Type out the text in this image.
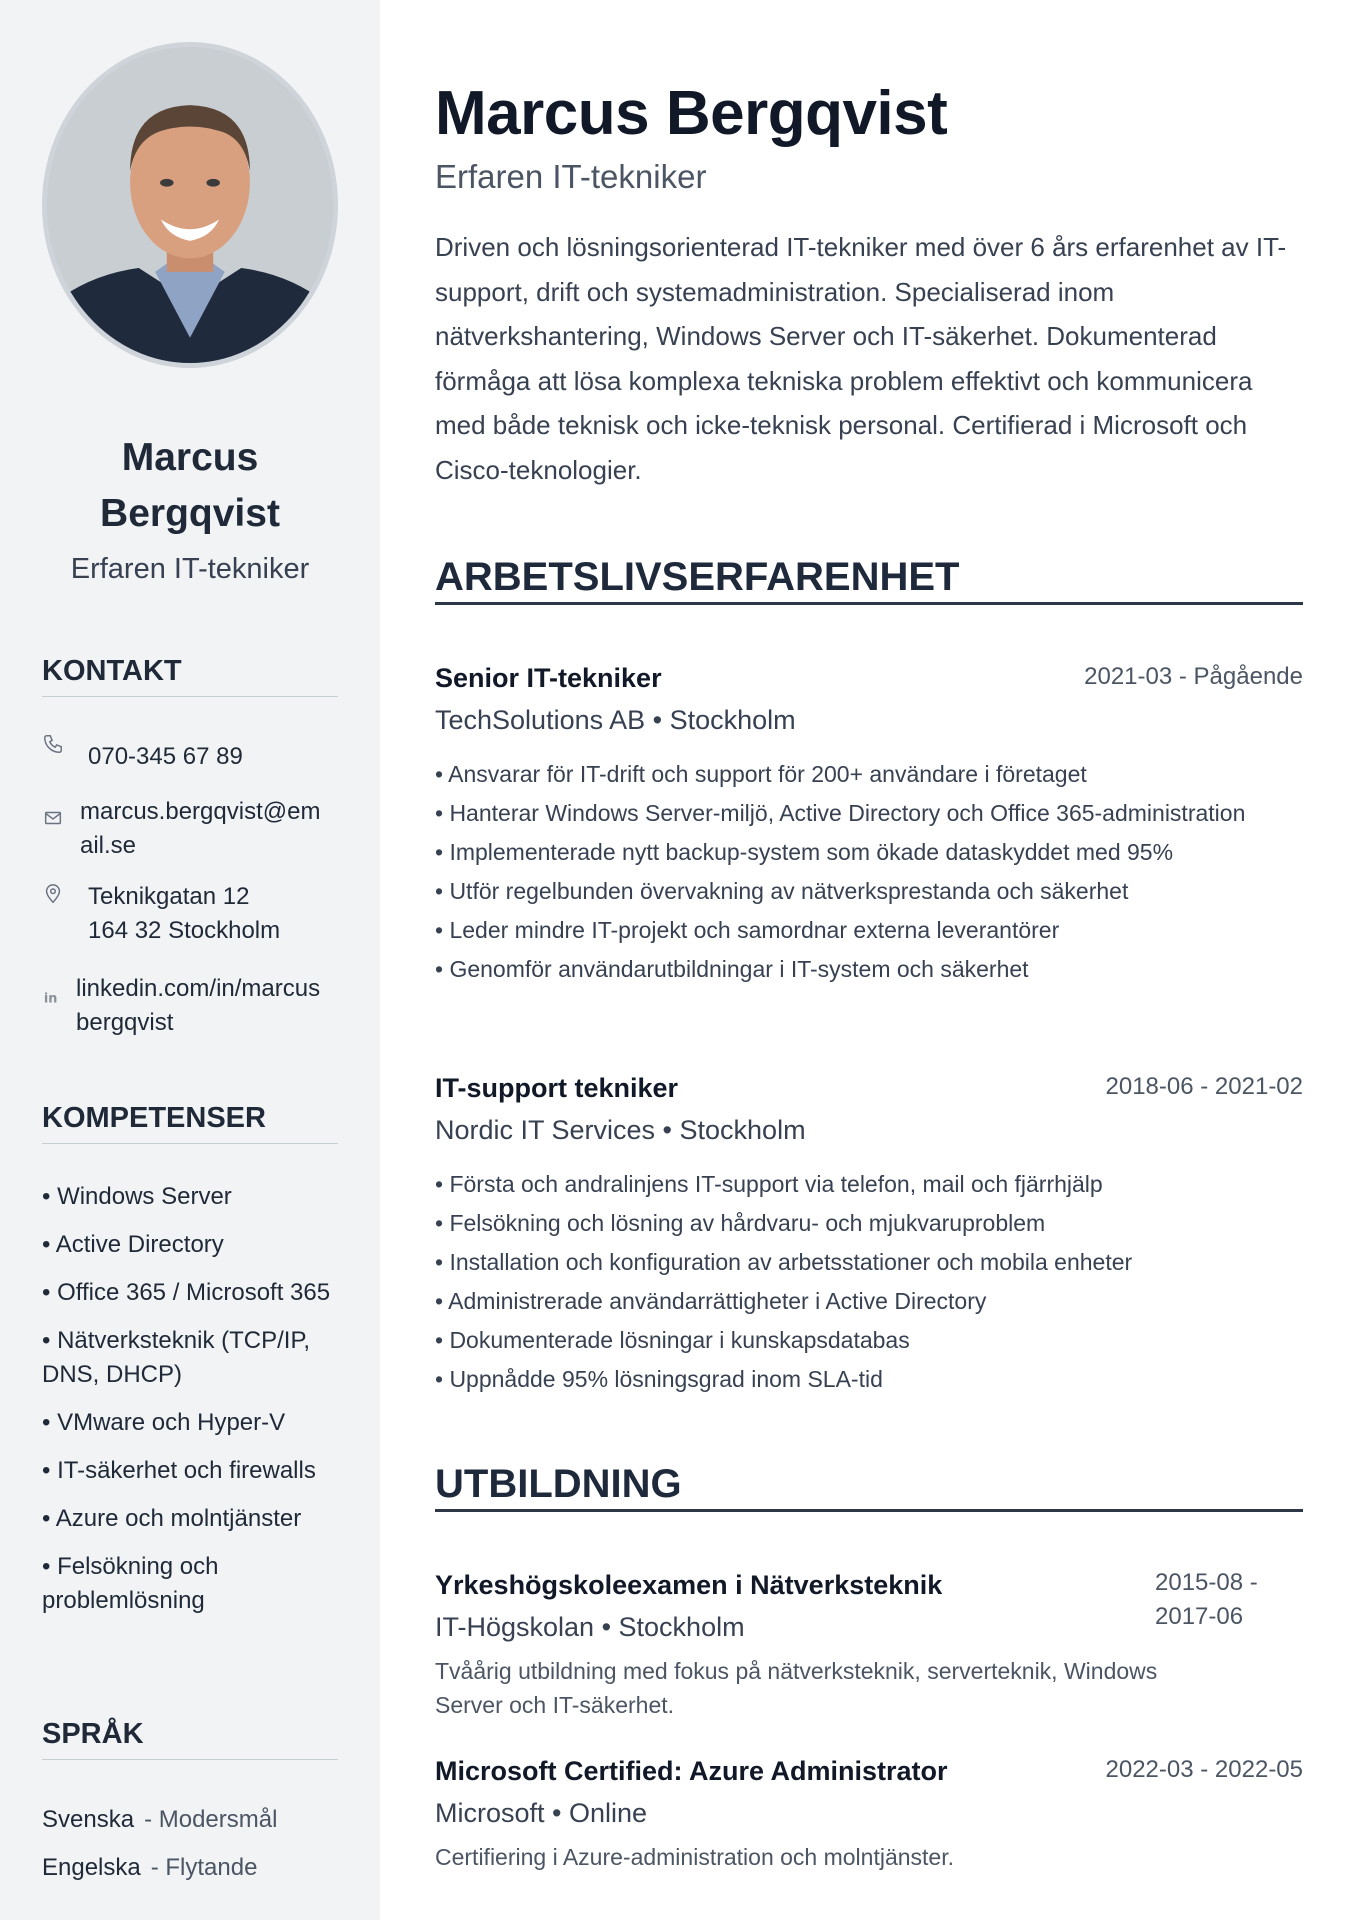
Marcus
Bergqvist
Erfaren IT-tekniker
KONTAKT
070-345 67 89
marcus.bergqvist@em
ail.se
Teknikgatan 12
164 32 Stockholm
in linkedin.com/in/marcus
bergqvist
KOMPETENSER
• Windows Server
• Active Directory
• Office 365 / Microsoft 365
• Nätverksteknik (TCP/IP, DNS, DHCP)
• VMware och Hyper-V
• IT-säkerhet och firewalls
• Azure och molntjänster
• Felsökning och problemlösning
SPRÅK
Svenska - Modersmål
Engelska - Flytande
Marcus Bergqvist
Erfaren IT-tekniker

Driven och lösningsorienterad IT-tekniker med över 6 års erfarenhet av IT-support, drift och systemadministration. Specialiserad inom nätverkshantering, Windows Server och IT-säkerhet. Dokumenterad förmåga att lösa komplexa tekniska problem effektivt och kommunicera med både teknisk och icke-teknisk personal. Certifierad i Microsoft och Cisco-teknologier.

ARBETSLIVSERFARENHET
Senior IT-tekniker	2021-03 - Pågående
TechSolutions AB • Stockholm
• Ansvarar för IT-drift och support för 200+ användare i företaget
• Hanterar Windows Server-miljö, Active Directory och Office 365-administration
• Implementerade nytt backup-system som ökade dataskyddet med 95%
• Utför regelbunden övervakning av nätverksprestanda och säkerhet
• Leder mindre IT-projekt och samordnar externa leverantörer
• Genomför användarutbildningar i IT-system och säkerhet
IT-support tekniker	2018-06 - 2021-02
Nordic IT Services • Stockholm
• Första och andralinjens IT-support via telefon, mail och fjärrhjälp
• Felsökning och lösning av hårdvaru- och mjukvaruproblem
• Installation och konfiguration av arbetsstationer och mobila enheter
• Administrerade användarrättigheter i Active Directory
• Dokumenterade lösningar i kunskapsdatabas
• Uppnådde 95% lösningsgrad inom SLA-tid
UTBILDNING
Yrkeshögskoleexamen i Nätverksteknik	2015-08 -
2017-06
IT-Högskolan • Stockholm
Tvåårig utbildning med fokus på nätverksteknik, serverteknik, Windows Server och IT-säkerhet.
Microsoft Certified: Azure Administrator	2022-03 - 2022-05
Microsoft • Online
Certifiering i Azure-administration och molntjänster.
